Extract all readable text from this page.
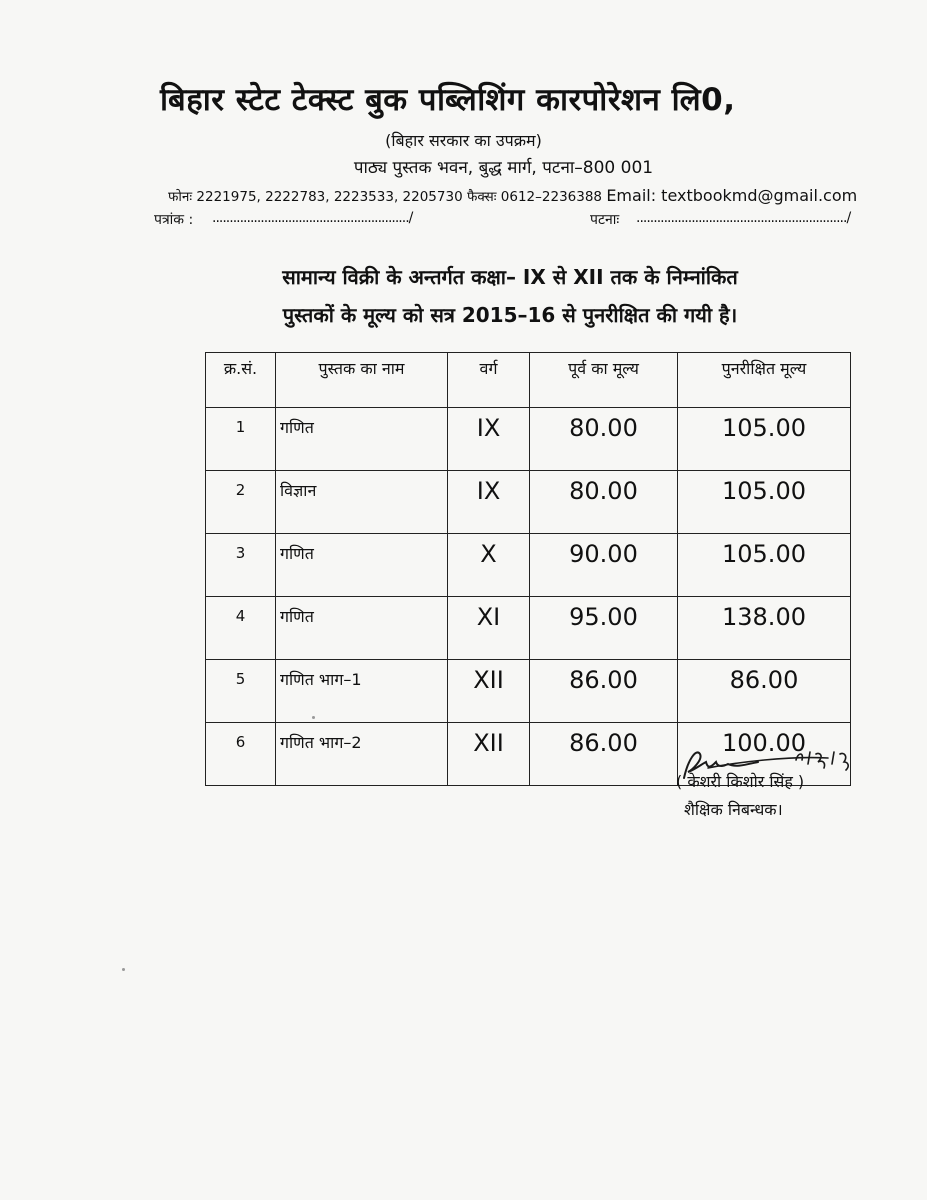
बिहार स्टेट टेक्स्ट बुक पब्लिशिंग कारपोरेशन लि0,
(बिहार सरकार का उपक्रम)
पाठ्य पुस्तक भवन, बुद्ध मार्ग, पटना–800 001
फोनः 2221975, 2222783, 2223533, 2205730 फैक्सः 0612–2236388 Email: textbookmd@gmail.com
पत्रांक : ........................................................./	पटनाः ............................................................./
सामान्य विक्री के अन्तर्गत कक्षा– IX से XII तक के निम्नांकित
पुस्तकों के मूल्य को सत्र 2015–16 से पुनरीक्षित की गयी है।
क्र.सं.	पुस्तक का नाम	वर्ग	पूर्व का मूल्य	पुनरीक्षित मूल्य
1	गणित	IX	80.00	105.00
2	विज्ञान	IX	80.00	105.00
3	गणित	X	90.00	105.00
4	गणित	XI	95.00	138.00
5	गणित भाग–1	XII	86.00	86.00
6	गणित भाग–2	XII	86.00	100.00
( केशरी किशोर सिंह )
शैक्षिक निबन्धक।
